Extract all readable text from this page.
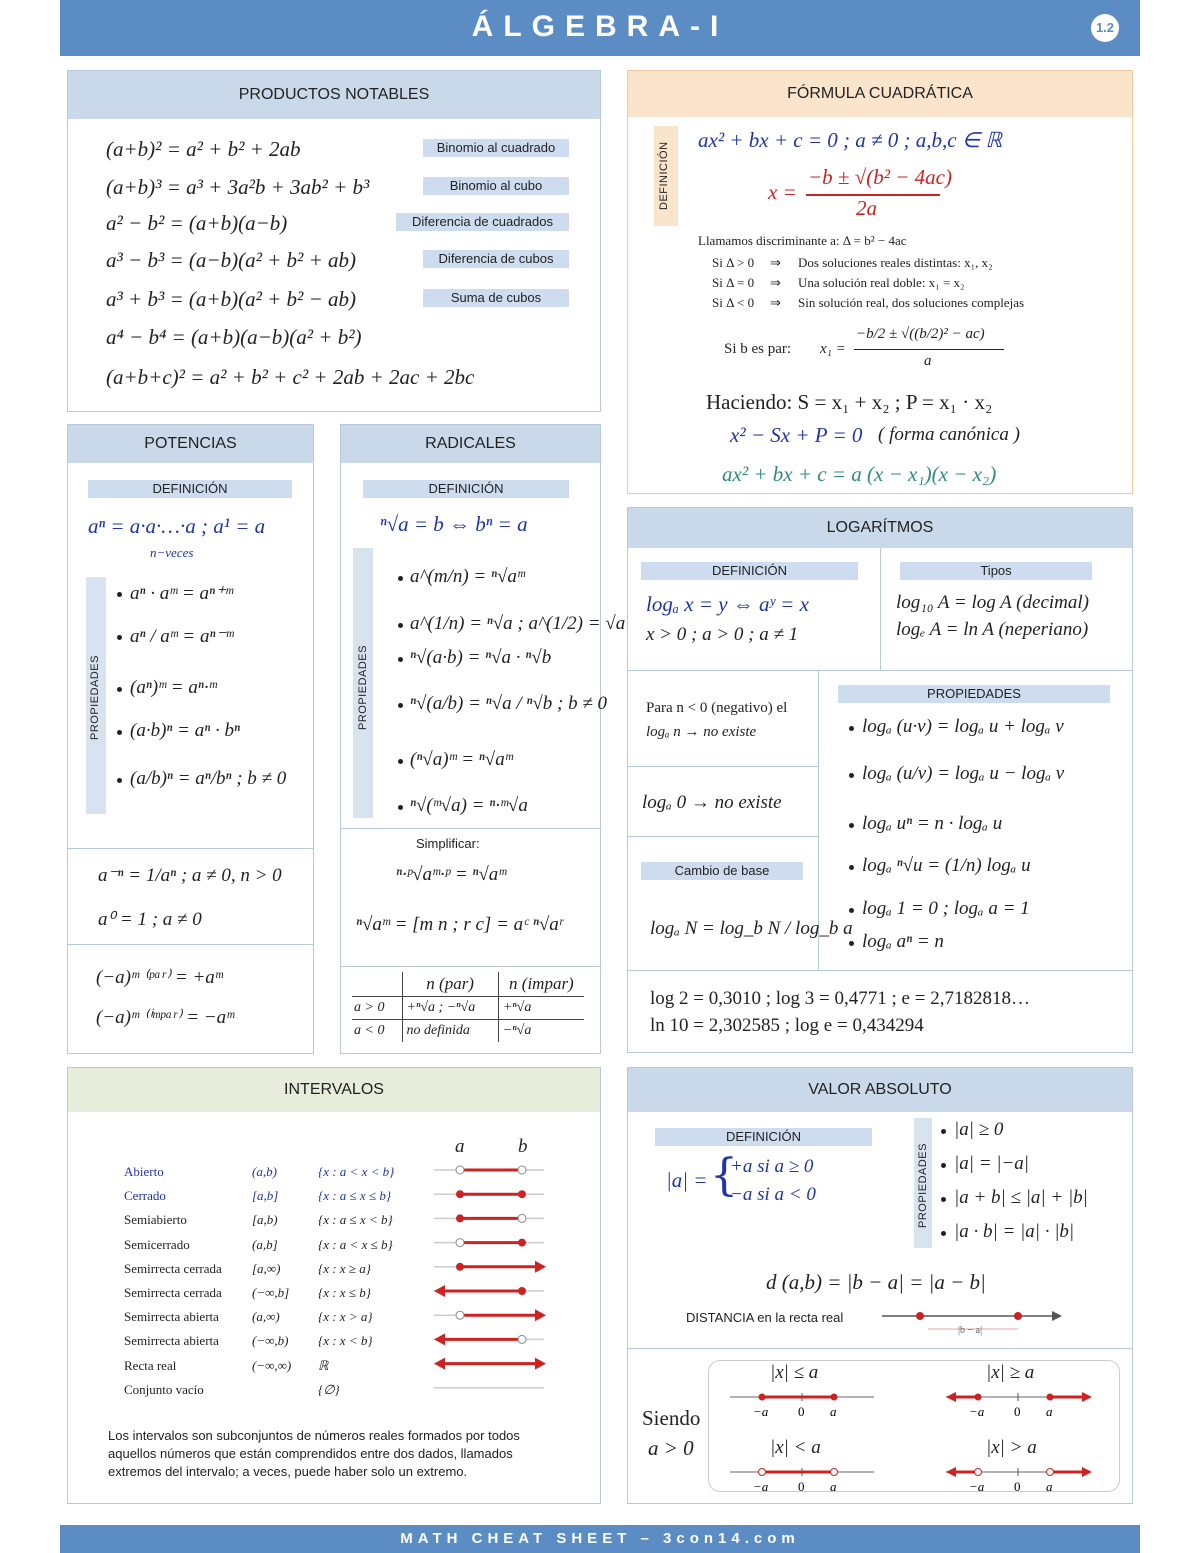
ÁLGEBRA-I	1.2
PRODUCTOS NOTABLES	FÓRMULA CUADRÁTICA
DEFINICIÓN
ax² + bx + c = 0 ; a ≠ 0 ; a,b,c ∈ ℝ
x =
−b ± √(b² − 4ac)
2a
Llamamos discriminante a: Δ = b² − 4ac
Si b es par: x₁ =
−b/2 ± √((b/2)² − ac)
a
Haciendo: S = x₁ + x₂ ; P = x₁ · x₂
x² − Sx + P = 0 ( forma canónica )
ax² + bx + c = a (x − x₁)(x − x₂)
POTENCIAS
DEFINICIÓN
aⁿ = a·a·…·a ; a¹ = a
n−veces
PROPIEDADES
a⁻ⁿ = 1/aⁿ ; a ≠ 0, n > 0
a⁰ = 1 ; a ≠ 0
(−a)ᵐ ⁽ᵖᵃʳ⁾ = +aᵐ
(−a)ᵐ ⁽ⁱᵐᵖᵃʳ⁾ = −aᵐ
RADICALES
DEFINICIÓN
ⁿ√a = b ⇔ bⁿ = a
PROPIEDADES
Simplificar:
ⁿ·ᵖ√aᵐ·ᵖ = ⁿ√aᵐ
ⁿ√aᵐ = [m n ; r c] = aᶜ ⁿ√aʳ
	n (par)	n (impar)
a > 0	+ⁿ√a ; −ⁿ√a	+ⁿ√a
a < 0	no definida	−ⁿ√a
LOGARÍTMOS
DEFINICIÓN
logₐ x = y ⇔ aʸ = x
x > 0 ; a > 0 ; a ≠ 1
Tipos
log₁₀ A = log A (decimal)
logₑ A = ln A (neperiano)
Para n < 0 (negativo) el
logₐ n → no existe
logₐ 0 → no existe
Cambio de base
logₐ N = log_b N / log_b a
PROPIEDADES
log 2 = 0,3010 ; log 3 = 0,4771 ; e = 2,7182818…
ln 10 = 2,302585 ; log e = 0,434294
INTERVALOS
a	b
Los intervalos son subconjuntos de números reales formados por todos aquellos números que están comprendidos entre dos dados, llamados extremos del intervalo; a veces, puede haber solo un extremo.
VALOR ABSOLUTO
DEFINICIÓN
|a| = {
+a si a ≥ 0
−a si a < 0	PROPIEDADES
d (a,b) = |b − a| = |a − b|
DISTANCIA en la recta real
|b − a|
Siendo
a > 0
MATH CHEAT SHEET – 3con14.com
(a+b)² = a² + b² + 2ab	Binomio al cuadrado
(a+b)³ = a³ + 3a²b + 3ab² + b³	Binomio al cubo
a² − b² = (a+b)(a−b)	Diferencia de cuadrados
a³ − b³ = (a−b)(a² + b² + ab)	Diferencia de cubos
a³ + b³ = (a+b)(a² + b² − ab)	Suma de cubos
a⁴ − b⁴ = (a+b)(a−b)(a² + b²)
(a+b+c)² = a² + b² + c² + 2ab + 2ac + 2bc
Si Δ > 0 ⇒ Dos soluciones reales distintas: x₁, x₂
Si Δ = 0 ⇒ Una solución real doble: x₁ = x₂
Si Δ < 0 ⇒ Sin solución real, dos soluciones complejas
aⁿ · aᵐ = aⁿ⁺ᵐ
aⁿ / aᵐ = aⁿ⁻ᵐ
(aⁿ)ᵐ = aⁿ·ᵐ
(a·b)ⁿ = aⁿ · bⁿ
(a/b)ⁿ = aⁿ/bⁿ ; b ≠ 0
a^(m/n) = ⁿ√aᵐ
a^(1/n) = ⁿ√a ; a^(1/2) = √a
ⁿ√(a·b) = ⁿ√a · ⁿ√b
ⁿ√(a/b) = ⁿ√a / ⁿ√b ; b ≠ 0
(ⁿ√a)ᵐ = ⁿ√aᵐ
ⁿ√(ᵐ√a) = ⁿ·ᵐ√a
logₐ (u·v) = logₐ u + logₐ v
logₐ (u/v) = logₐ u − logₐ v
logₐ uⁿ = n · logₐ u
logₐ ⁿ√u = (1/n) logₐ u
logₐ 1 = 0 ; logₐ a = 1
logₐ aⁿ = n
Abierto	(a,b)	{x : a < x < b}
Cerrado	[a,b]	{x : a ≤ x ≤ b}
Semiabierto	[a,b)	{x : a ≤ x < b}
Semicerrado	(a,b]	{x : a < x ≤ b}
Semirrecta cerrada [a,∞)	{x : x ≥ a}
Semirrecta cerrada (−∞,b] {x : x ≤ b}
Semirrecta abierta	(a,∞)	{x : x > a}
Semirrecta abierta	(−∞,b) {x : x < b}
Recta real	(−∞,∞) ℝ
Conjunto vacío	{∅}
|a| ≥ 0
|a| = |−a|
|a + b| ≤ |a| + |b|
|a · b| = |a| · |b|
|x| ≤ a
−a 0 a
|x| ≥ a
−a 0 a
|x| < a
−a 0 a
|x| > a
−a 0 a
